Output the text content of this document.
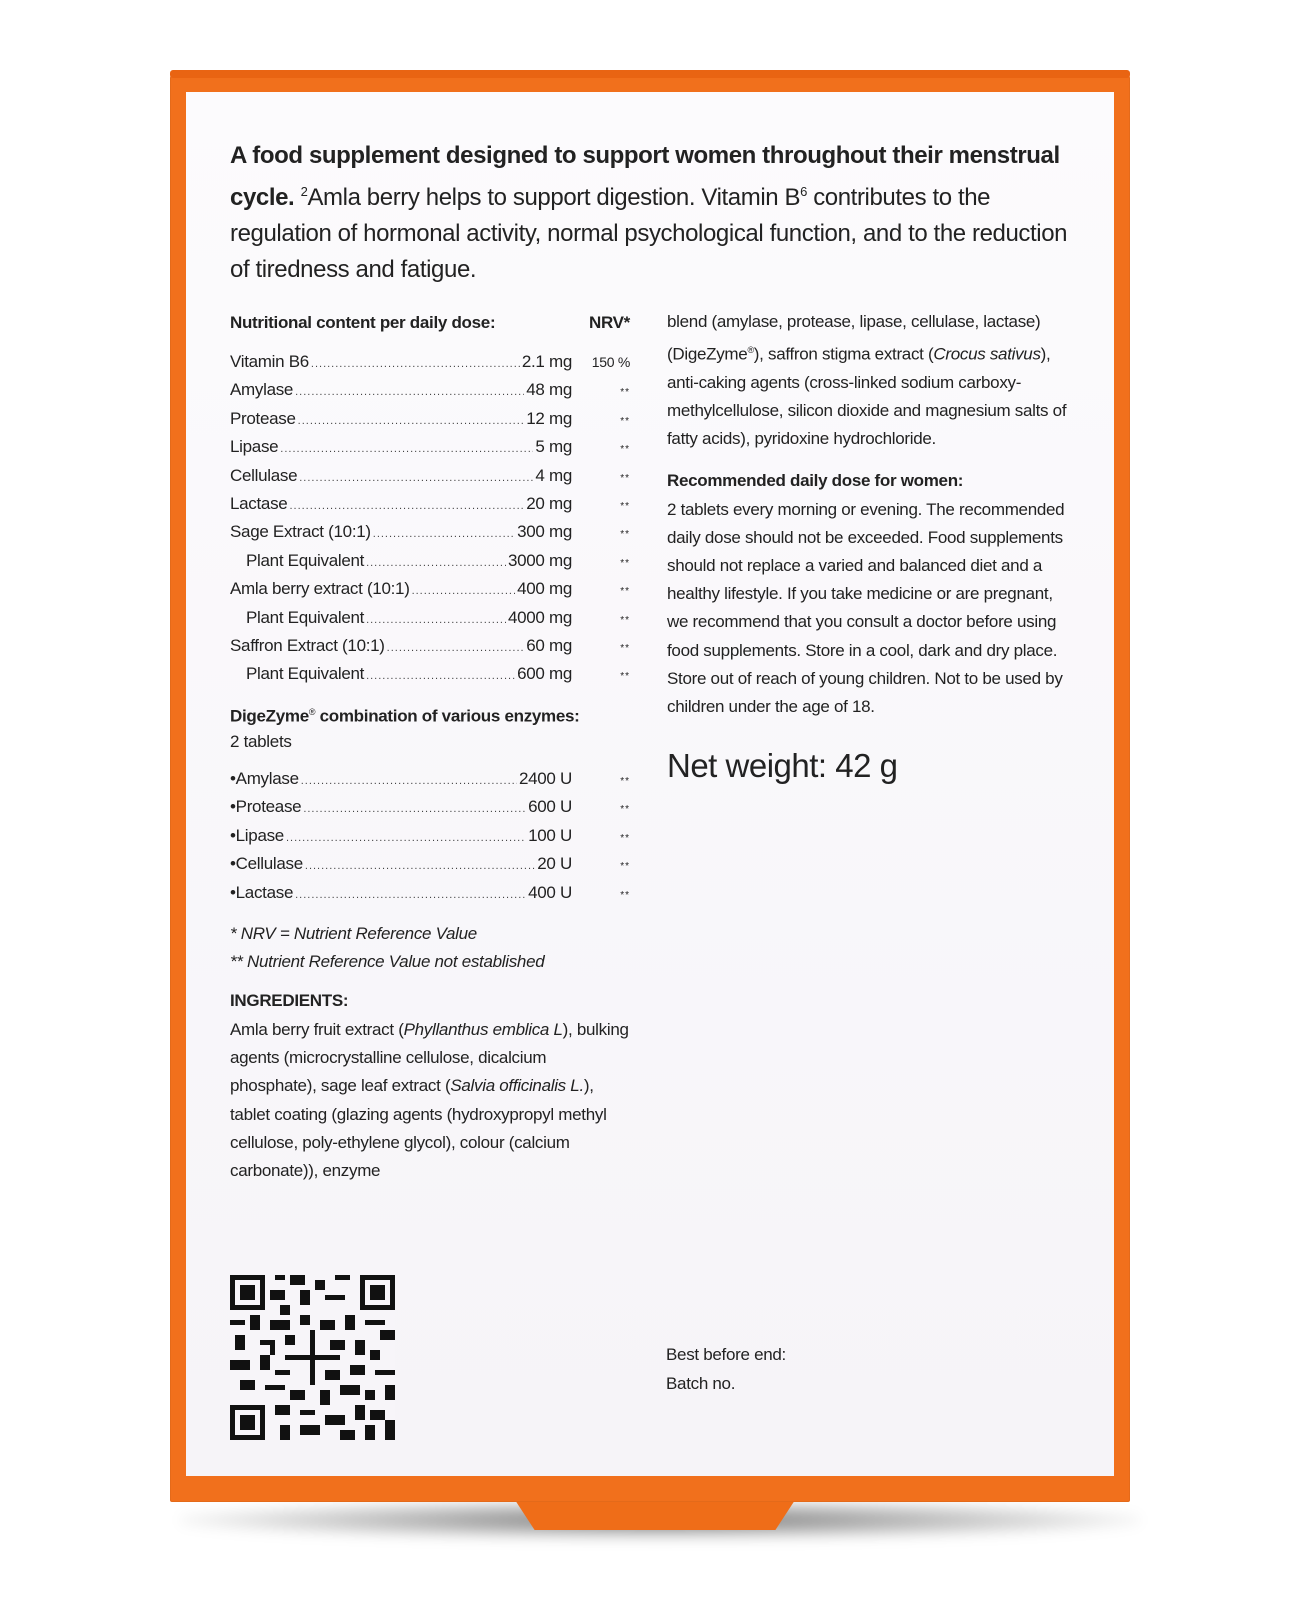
A food supplement designed to support women throughout their menstrual cycle. $^2$Amla berry helps to support digestion. Vitamin $B^6$ contributes to the regulation of hormonal activity, normal psychological function, and to the reduction of tiredness and fatigue.
Nutritional content per daily dose:	NRV*
Vitamin B6 .....	2.1 mg	150 %
Amylase .....	48 mg	**
Protease .....	12 mg	**
Lipase .....	5 mg	**
Cellulase .....	4 mg	**
Lactase .....	20 mg	**
Sage Extract (10:1) .....	300 mg	**
Plant Equivalent .....	3000 mg	**
Amla berry extract (10:1) .....	400 mg	**
Plant Equivalent .....	4000 mg	**
Saffron Extract (10:1) .....	60 mg	**
Plant Equivalent .....	600 mg	**
DigeZyme® combination of various enzymes:
2 tablets
• Amylase .....	2400 U	**
• Protease .....	600 U	**
• Lipase .....	100 U	**
• Cellulase .....	20 U	**
• Lactase .....	400 U	**
* NRV = Nutrient Reference Value
** Nutrient Reference Value not established
INGREDIENTS:
Amla berry fruit extract (Phyllanthus emblica L), bulking agents (microcrystalline cellulose, dicalcium phosphate), sage leaf extract (Salvia officinalis L.), tablet coating (glazing agents (hydroxypropyl methyl cellulose, poly-ethylene glycol), colour (calcium carbonate)), enzyme
blend (amylase, protease, lipase, cellulase, lactase) (DigeZyme®), saffron stigma extract (Crocus sativus), anti-caking agents (cross-linked sodium carboxy-methylcellulose, silicon dioxide and magnesium salts of fatty acids), pyridoxine hydrochloride.
Recommended daily dose for women:
2 tablets every morning or evening. The recommended daily dose should not be exceeded. Food supplements should not replace a varied and balanced diet and a healthy lifestyle. If you take medicine or are pregnant, we recommend that you consult a doctor before using food supplements. Store in a cool, dark and dry place. Store out of reach of young children. Not to be used by children under the age of 18.
Net weight: 42 g
Best before end:
Batch no.
